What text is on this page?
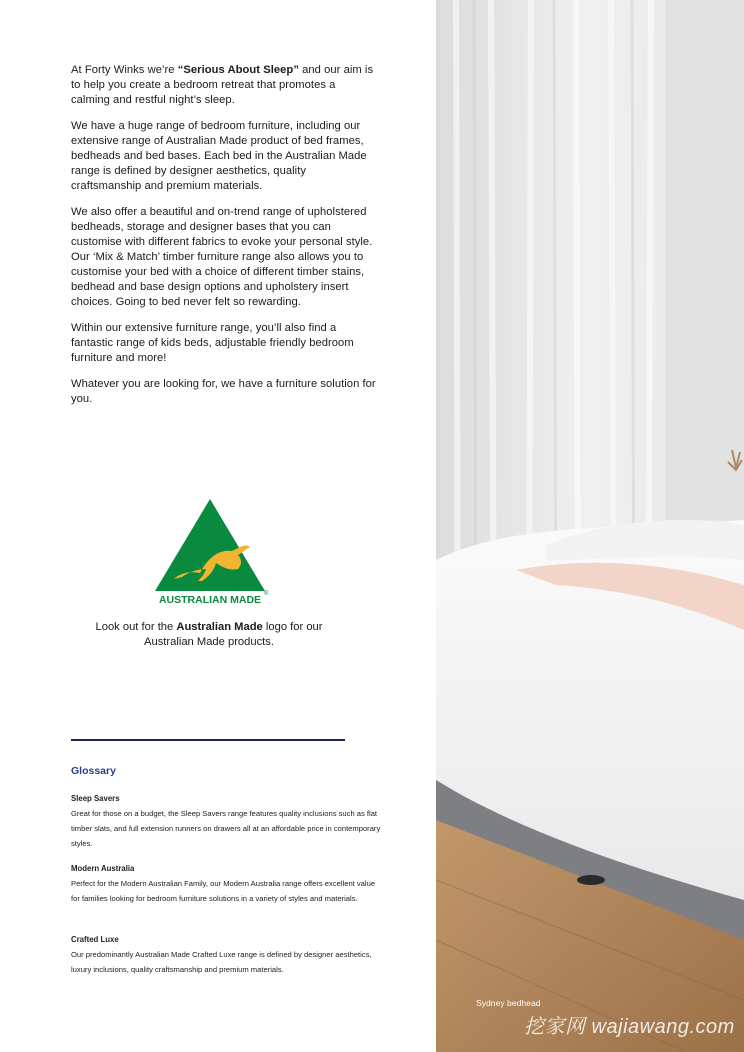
At Forty Winks we’re “Serious About Sleep” and our aim is to help you create a bedroom retreat that promotes a calming and restful night’s sleep.

We have a huge range of bedroom furniture, including our extensive range of Australian Made product of bed frames, bedheads and bed bases. Each bed in the Australian Made range is defined by designer aesthetics, quality craftsmanship and premium materials.

We also offer a beautiful and on-trend range of upholstered bedheads, storage and designer bases that you can customise with different fabrics to evoke your personal style. Our ‘Mix & Match’ timber furniture range also allows you to customise your bed with a choice of different timber stains, bedhead and base design options and upholstery insert choices. Going to bed never felt so rewarding.

Within our extensive furniture range, you’ll also find a fantastic range of kids beds, adjustable friendly bedroom furniture and more!

Whatever you are looking for, we have a furniture solution for you.

AUSTRALIAN MADE ®
Look out for the Australian Made logo for our Australian Made products.
Glossary
Sleep Savers
Great for those on a budget, the Sleep Savers range features quality inclusions such as flat timber slats, and full extension runners on drawers all at an affordable price in contemporary styles.
Modern Australia
Perfect for the Modern Australian Family, our Modern Australia range offers excellent value for families looking for bedroom furniture solutions in a variety of styles and materials.
Crafted Luxe
Our predominantly Australian Made Crafted Luxe range is defined by designer aesthetics, luxury inclusions, quality craftsmanship and premium materials.
Sydney bedhead
挖家网 wajiawang.com
